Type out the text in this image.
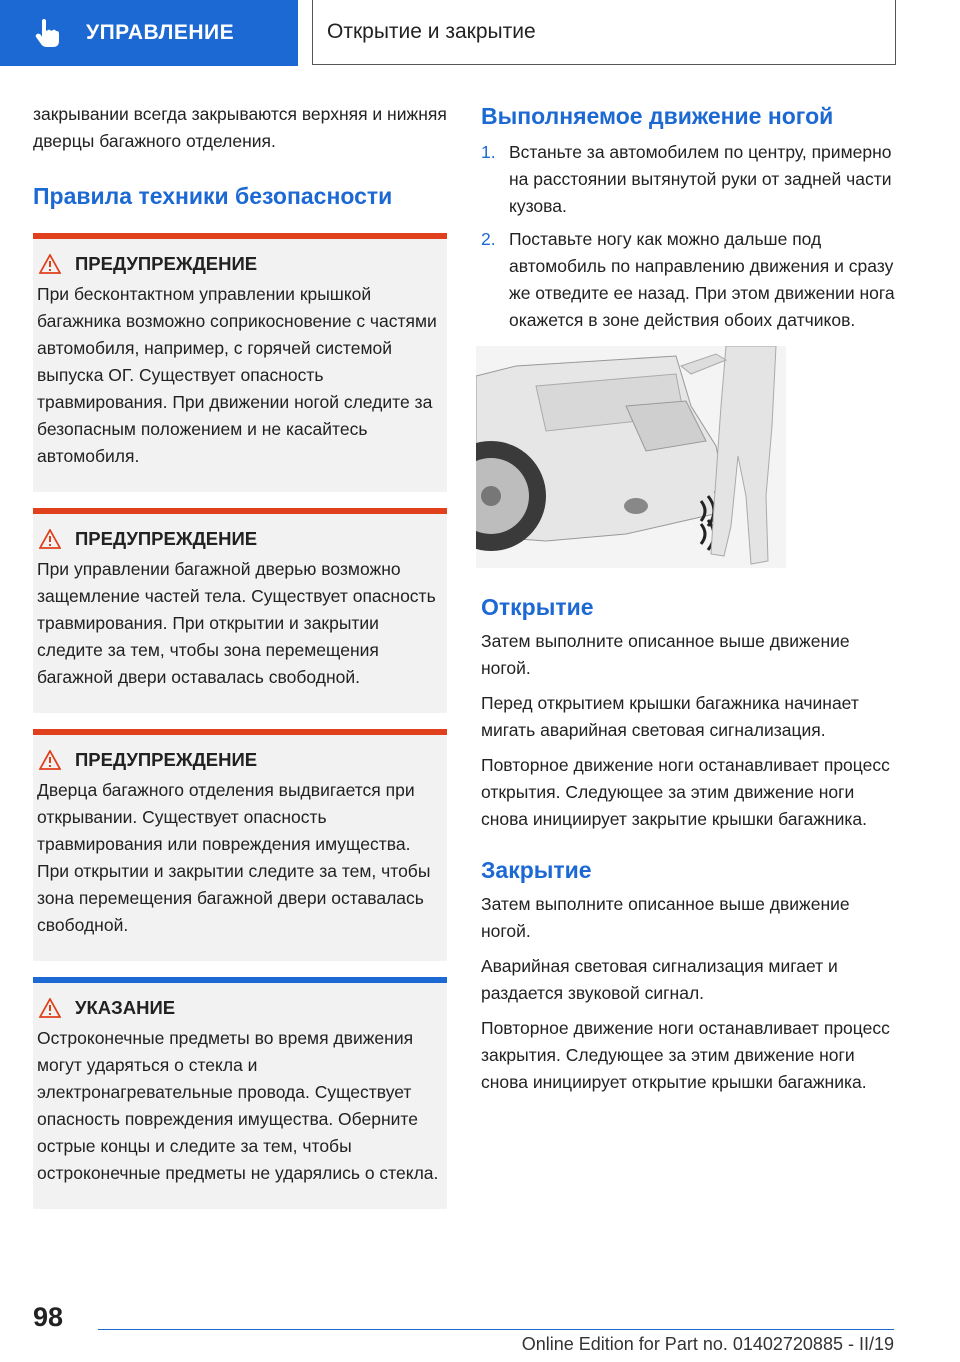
УПРАВЛЕНИЕ	Открытие и закрытие

закрывании всегда закрываются верхняя и нижняя дверцы багажного отделения.

Правила техники безопасности
ПРЕДУПРЕЖДЕНИЕ

При бесконтактном управлении крышкой багажника возможно соприкосновение с частями автомобиля, например, с горячей системой выпуска ОГ. Существует опасность травмирования. При движении ногой следите за безопасным положением и не касайтесь автомобиля.

ПРЕДУПРЕЖДЕНИЕ

При управлении багажной дверью возможно защемление частей тела. Существует опасность травмирования. При открытии и закрытии следите за тем, чтобы зона перемещения багажной двери оставалась свободной.

ПРЕДУПРЕЖДЕНИЕ

Дверца багажного отделения выдвигается при открывании. Существует опасность травмирования или повреждения имущества. При открытии и закрытии следите за тем, чтобы зона перемещения багажной двери оставалась свободной.

УКАЗАНИЕ

Остроконечные предметы во время движения могут ударяться о стекла и электронагревательные провода. Существует опасность повреждения имущества. Оберните острые концы и следите за тем, чтобы остроконечные предметы не ударялись о стекла.

Выполняемое движение ногой
1. Встаньте за автомобилем по центру, примерно на расстоянии вытянутой руки от задней части кузова.
2. Поставьте ногу как можно дальше под автомобиль по направлению движения и сразу же отведите ее назад. При этом движении нога окажется в зоне действия обоих датчиков.
Открытие

Затем выполните описанное выше движение ногой.

Перед открытием крышки багажника начинает мигать аварийная световая сигнализация.

Повторное движение ноги останавливает процесс открытия. Следующее за этим движение ноги снова инициирует закрытие крышки багажника.

Закрытие

Затем выполните описанное выше движение ногой.

Аварийная световая сигнализация мигает и раздается звуковой сигнал.

Повторное движение ноги останавливает процесс закрытия. Следующее за этим движение ноги снова инициирует открытие крышки багажника.

98
Online Edition for Part no. 01402720885 - II/19
